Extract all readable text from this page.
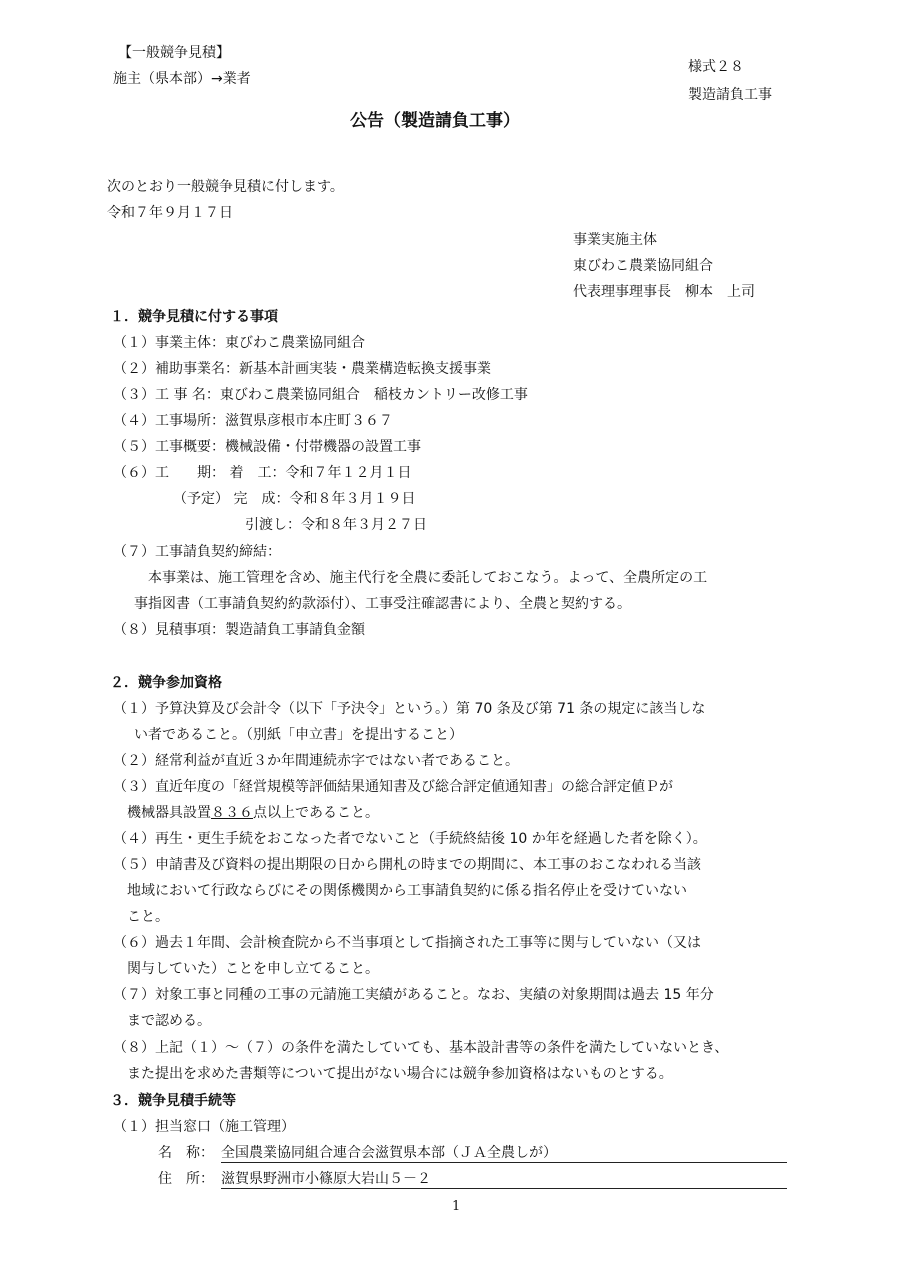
【一般競争見積】
施主（県本部）→業者
様式２８
製造請負工事
公告（製造請負工事）
次のとおり一般競争見積に付します。
令和７年９月１７日
事業実施主体
東びわこ農業協同組合
代表理事理事長　柳本　上司
１．競争見積に付する事項
（１）事業主体：東びわこ農業協同組合
（２）補助事業名：新基本計画実装・農業構造転換支援事業
（３）工 事 名：東びわこ農業協同組合　稲枝カントリー改修工事
（４）工事場所：滋賀県彦根市本庄町３６７
（５）工事概要：機械設備・付帯機器の設置工事
（６）工　　期： 着　工：令和７年１２月１日
（予定） 完　成：令和８年３月１９日
引渡し：令和８年３月２７日
（７）工事請負契約締結：
本事業は、施工管理を含め、施主代行を全農に委託しておこなう。よって、全農所定の工
事指図書（工事請負契約約款添付）、工事受注確認書により、全農と契約する。
（８）見積事項：製造請負工事請負金額
２．競争参加資格
（１）予算決算及び会計令（以下「予決令」という。）第 70 条及び第 71 条の規定に該当しな
い者であること。（別紙「申立書」を提出すること）
（２）経常利益が直近３か年間連続赤字ではない者であること。
（３）直近年度の「経営規模等評価結果通知書及び総合評定値通知書」の総合評定値Ｐが
機械器具設置８３６点以上であること。
（４）再生・更生手続をおこなった者でないこと（手続終結後 10 か年を経過した者を除く）。
（５）申請書及び資料の提出期限の日から開札の時までの期間に、本工事のおこなわれる当該
地域において行政ならびにその関係機関から工事請負契約に係る指名停止を受けていない
こと。
（６）過去１年間、会計検査院から不当事項として指摘された工事等に関与していない（又は
関与していた）ことを申し立てること。
（７）対象工事と同種の工事の元請施工実績があること。なお、実績の対象期間は過去 15 年分
まで認める。
（８）上記（１）～（７）の条件を満たしていても、基本設計書等の条件を満たしていないとき、
また提出を求めた書類等について提出がない場合には競争参加資格はないものとする。
３．競争見積手続等
（１）担当窓口（施工管理）
名　称： 全国農業協同組合連合会滋賀県本部（ＪＡ全農しが）
住　所： 滋賀県野洲市小篠原大岩山５－２
1
